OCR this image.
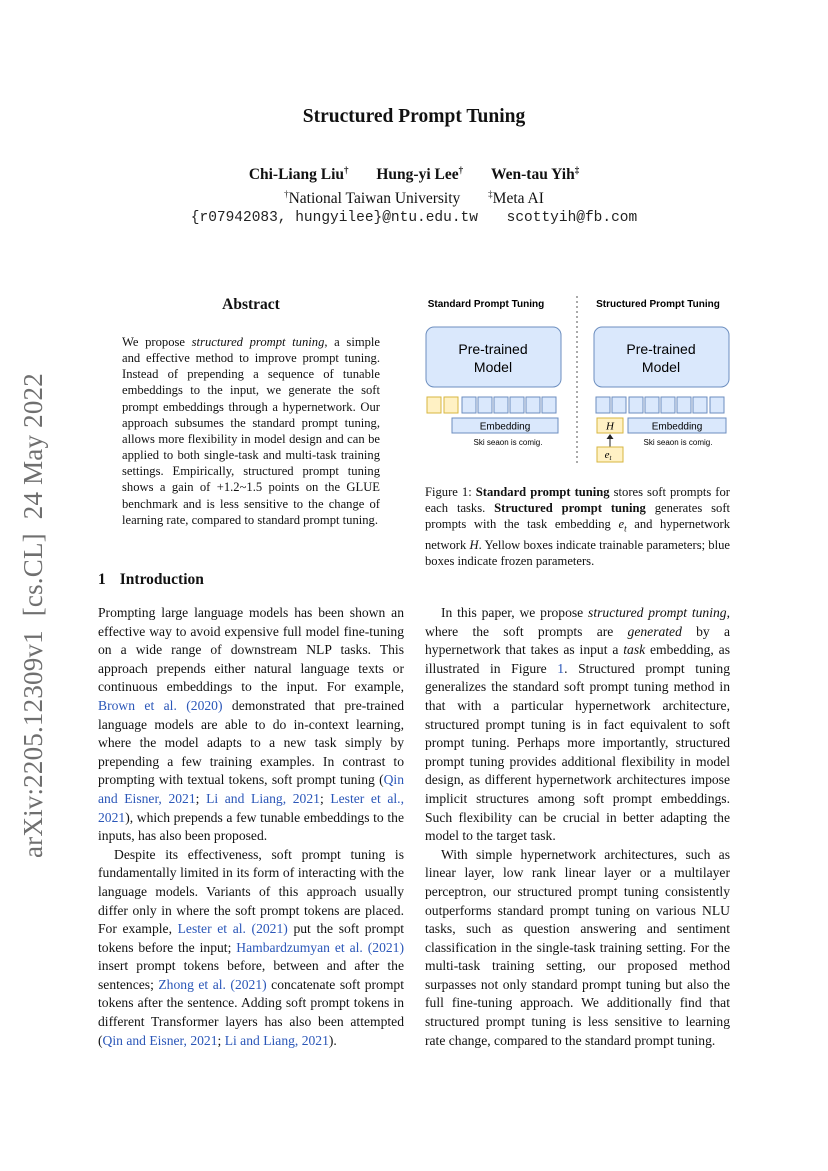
arXiv:2205.12309v1  [cs.CL]  24 May 2022
Structured Prompt Tuning
Chi-Liang Liu† Hung-yi Lee† Wen-tau Yih‡
†National Taiwan University	‡Meta AI
{r07942083, hungyilee}@ntu.edu.tw scottyih@fb.com
Abstract
We propose structured prompt tuning, a simple and effective method to improve prompt tuning. Instead of prepending a sequence of tunable embeddings to the input, we generate the soft prompt embeddings through a hypernetwork. Our approach subsumes the standard prompt tuning, allows more flexibility in model design and can be applied to both single-task and multi-task training settings. Empirically, structured prompt tuning shows a gain of +1.2~1.5 points on the GLUE benchmark and is less sensitive to the change of learning rate, compared to standard prompt tuning.
Standard Prompt Tuning	Structured Prompt Tuning
Pre-trained
Model
Embedding
Ski seaon is comig.
Pre-trained
Model
H	Embedding
Ski seaon is comig.
et
Figure 1: Standard prompt tuning stores soft prompts for each tasks. Structured prompt tuning generates soft prompts with the task embedding $e_t$ and hypernetwork network H. Yellow boxes indicate trainable parameters; blue boxes indicate frozen parameters.
1 Introduction

Prompting large language models has been shown an effective way to avoid expensive full model fine-tuning on a wide range of downstream NLP tasks. This approach prepends either natural language texts or continuous embeddings to the input. For example, Brown et al. (2020) demonstrated that pre-trained language models are able to do in-context learning, where the model adapts to a new task simply by prepending a few training examples. In contrast to prompting with textual tokens, soft prompt tuning (Qin and Eisner, 2021; Li and Liang, 2021; Lester et al., 2021), which prepends a few tunable embeddings to the inputs, has also been proposed.

Despite its effectiveness, soft prompt tuning is fundamentally limited in its form of interacting with the language models. Variants of this approach usually differ only in where the soft prompt tokens are placed. For example, Lester et al. (2021) put the soft prompt tokens before the input; Hambardzumyan et al. (2021) insert prompt tokens before, between and after the sentences; Zhong et al. (2021) concatenate soft prompt tokens after the sentence. Adding soft prompt tokens in different Transformer layers has also been attempted (Qin and Eisner, 2021; Li and Liang, 2021).

In this paper, we propose structured prompt tuning, where the soft prompts are generated by a hypernetwork that takes as input a task embedding, as illustrated in Figure 1. Structured prompt tuning generalizes the standard soft prompt tuning method in that with a particular hypernetwork architecture, structured prompt tuning is in fact equivalent to soft prompt tuning. Perhaps more importantly, structured prompt tuning provides additional flexibility in model design, as different hypernetwork architectures impose implicit structures among soft prompt embeddings. Such flexibility can be crucial in better adapting the model to the target task.

With simple hypernetwork architectures, such as linear layer, low rank linear layer or a multilayer perceptron, our structured prompt tuning consistently outperforms standard prompt tuning on various NLU tasks, such as question answering and sentiment classification in the single-task training setting. For the multi-task training setting, our proposed method surpasses not only standard prompt tuning but also the full fine-tuning approach. We additionally find that structured prompt tuning is less sensitive to learning rate change, compared to the standard prompt tuning.
